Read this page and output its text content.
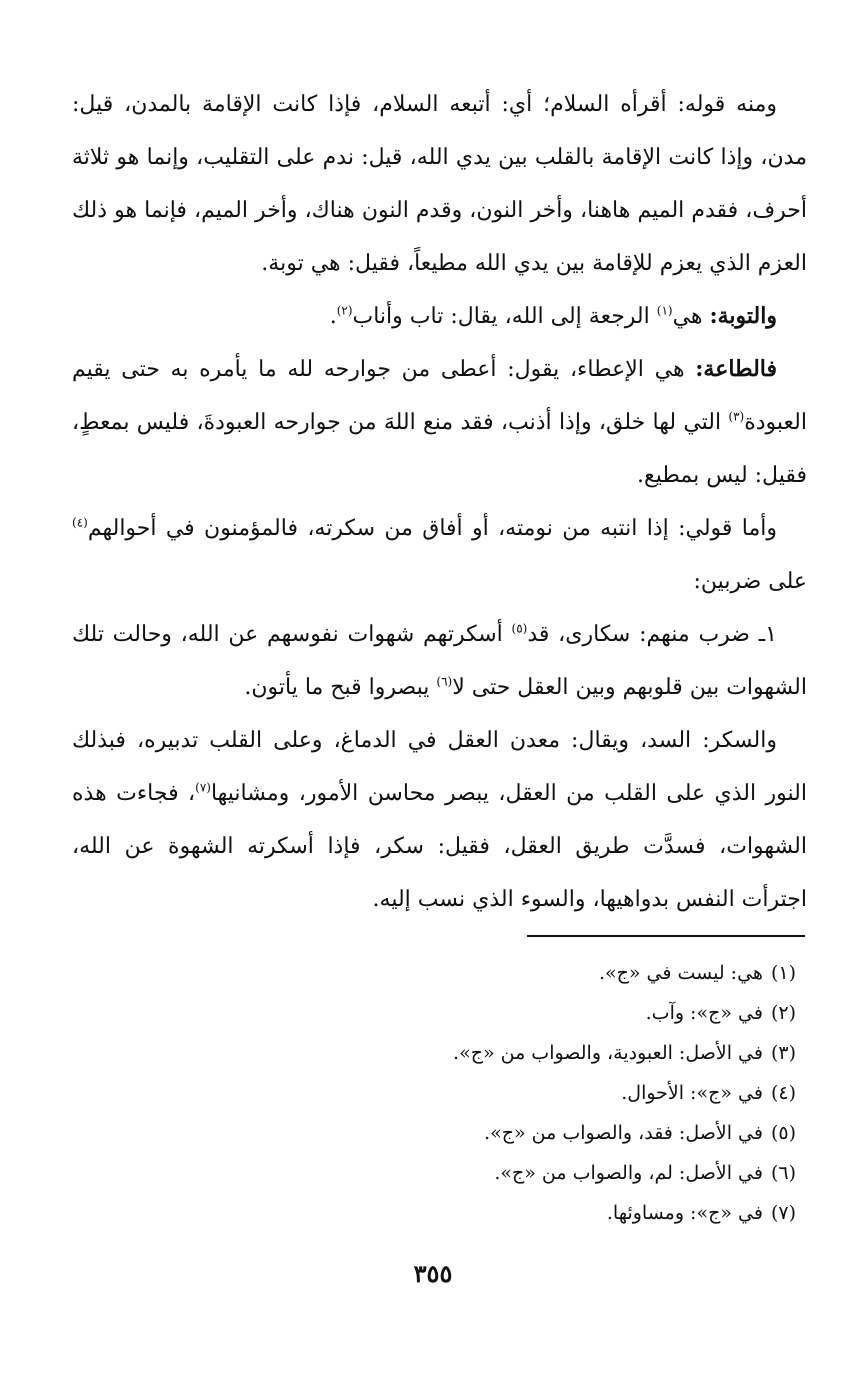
ومنه قوله: أقرأه السلام؛ أي: أتبعه السلام، فإذا كانت الإقامة بالمدن، قيل: مدن، وإذا كانت الإقامة بالقلب بين يدي الله، قيل: ندم على التقليب، وإنما هو ثلاثة أحرف، فقدم الميم هاهنا، وأخر النون، وقدم النون هناك، وأخر الميم، فإنما هو ذلك العزم الذي يعزم للإقامة بين يدي الله مطيعاً، فقيل: هي توبة.

والتوبة: هي$^{(١)}$ الرجعة إلى الله، يقال: تاب وأناب$^{(٢)}$.

فالطاعة: هي الإعطاء، يقول: أعطى من جوارحه لله ما يأمره به حتى يقيم العبودة$^{(٣)}$ التي لها خلق، وإذا أذنب، فقد منع اللهَ من جوارحه العبودةَ، فليس بمعطٍ، فقيل: ليس بمطيع.

وأما قولي: إذا انتبه من نومته، أو أفاق من سكرته، فالمؤمنون في أحوالهم$^{(٤)}$ على ضربين:

١ـ ضرب منهم: سكارى، قد$^{(٥)}$ أسكرتهم شهوات نفوسهم عن الله، وحالت تلك الشهوات بين قلوبهم وبين العقل حتى لا$^{(٦)}$ يبصروا قبح ما يأتون.

والسكر: السد، ويقال: معدن العقل في الدماغ، وعلى القلب تدبيره، فبذلك النور الذي على القلب من العقل، يبصر محاسن الأمور، ومشانيها$^{(٧)}$، فجاءت هذه الشهوات، فسدَّت طريق العقل، فقيل: سكر، فإذا أسكرته الشهوة عن الله، اجترأت النفس بدواهيها، والسوء الذي نسب إليه.

(١)هي: ليست في «ج».
(٢)في «ج»: وآب.
(٣)في الأصل: العبودية، والصواب من «ج».
(٤)في «ج»: الأحوال.
(٥)في الأصل: فقد، والصواب من «ج».
(٦)في الأصل: لم، والصواب من «ج».
(٧)في «ج»: ومساوئها.
٣٥٥
